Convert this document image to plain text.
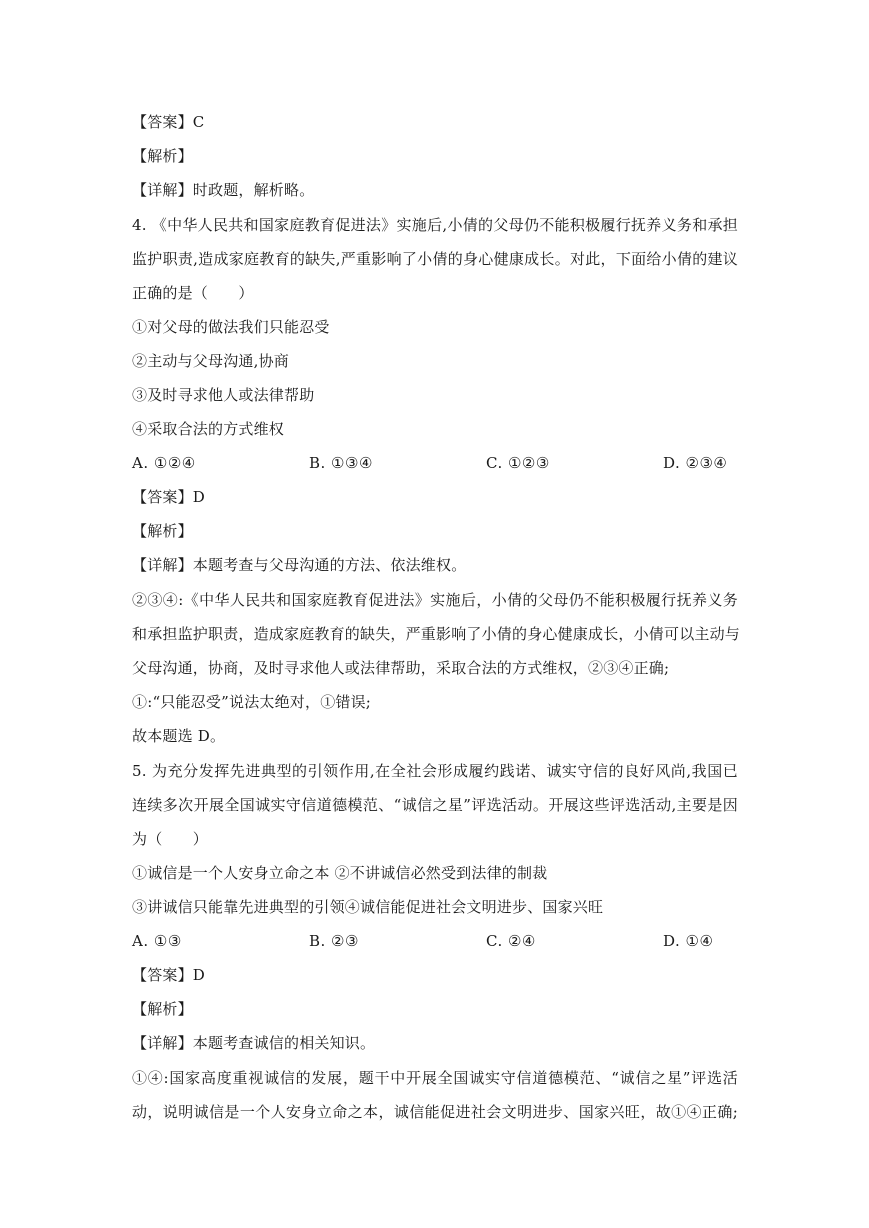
【答案】C
【解析】
【详解】时政题，解析略。
4. 《中华人民共和国家庭教育促进法》实施后,小倩的父母仍不能积极履行抚养义务和承担
监护职责,造成家庭教育的缺失,严重影响了小倩的身心健康成长。对此，下面给小倩的建议
正确的是（　　）
①对父母的做法我们只能忍受
②主动与父母沟通,协商
③及时寻求他人或法律帮助
④采取合法的方式维权
A. ①②④	B. ①③④	C. ①②③	D. ②③④
【答案】D
【解析】
【详解】本题考查与父母沟通的方法、依法维权。
②③④:《中华人民共和国家庭教育促进法》实施后，小倩的父母仍不能积极履行抚养义务
和承担监护职责，造成家庭教育的缺失，严重影响了小倩的身心健康成长，小倩可以主动与
父母沟通，协商，及时寻求他人或法律帮助，采取合法的方式维权，②③④正确;
①:“只能忍受”说法太绝对，①错误;
故本题选 D。
5. 为充分发挥先进典型的引领作用,在全社会形成履约践诺、诚实守信的良好风尚,我国已
连续多次开展全国诚实守信道德模范、“诚信之星”评选活动。开展这些评选活动,主要是因
为（　　）
①诚信是一个人安身立命之本 ②不讲诚信必然受到法律的制裁
③讲诚信只能靠先进典型的引领④诚信能促进社会文明进步、国家兴旺
A. ①③	B. ②③	C. ②④	D. ①④
【答案】D
【解析】
【详解】本题考查诚信的相关知识。
①④:国家高度重视诚信的发展，题干中开展全国诚实守信道德模范、“诚信之星”评选活
动，说明诚信是一个人安身立命之本，诚信能促进社会文明进步、国家兴旺，故①④正确;
